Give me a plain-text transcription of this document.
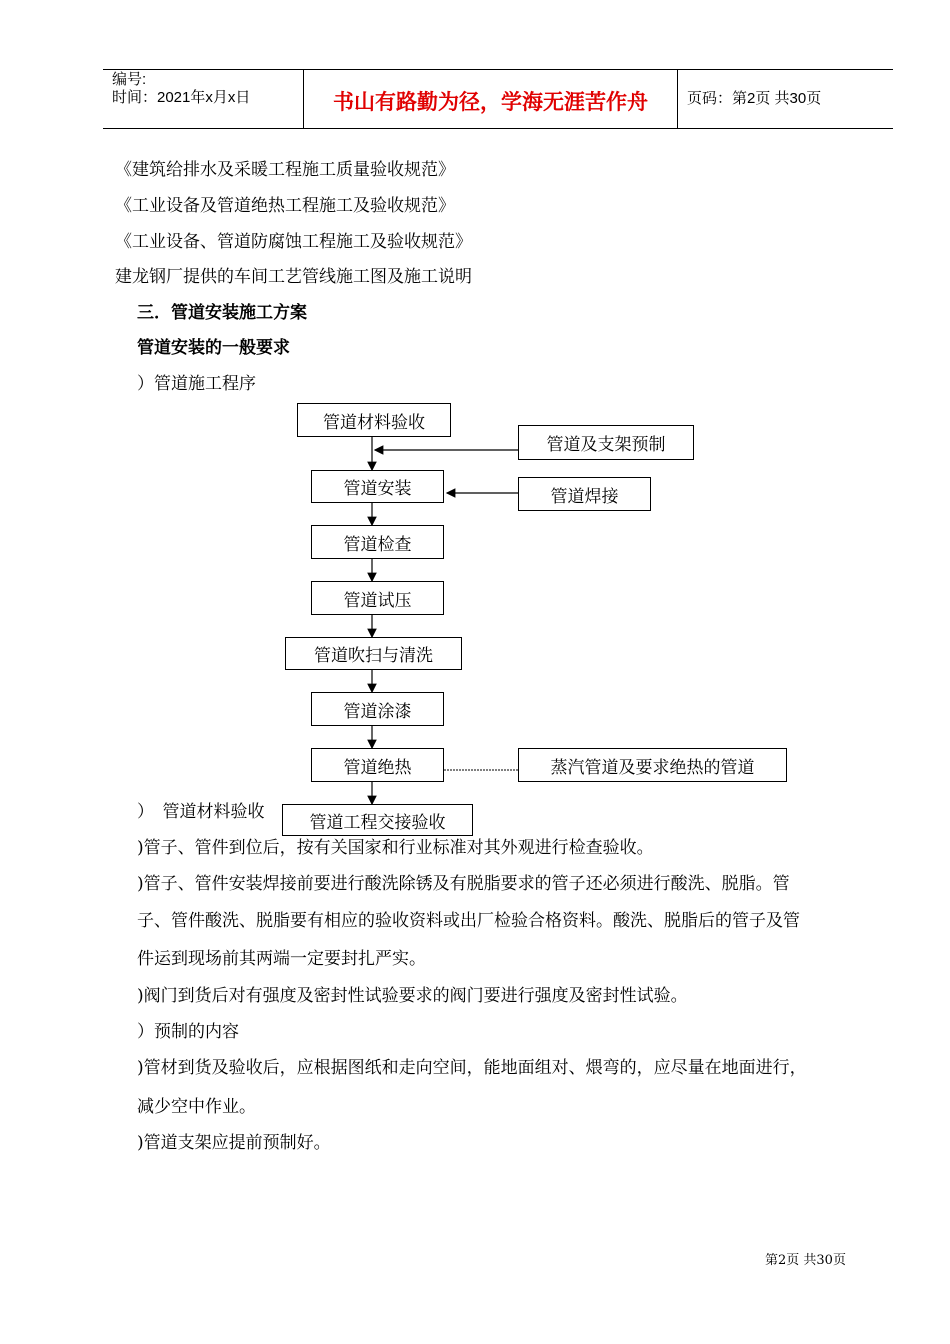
编号:
时间：2021年x月x日	书山有路勤为径，学海无涯苦作舟	页码：第2页 共30页
《建筑给排水及采暖工程施工质量验收规范》
《工业设备及管道绝热工程施工及验收规范》
《工业设备、管道防腐蚀工程施工及验收规范》
建龙钢厂提供的车间工艺管线施工图及施工说明
三．管道安装施工方案
管道安装的一般要求
）管道施工程序
管道材料验收
管道及支架预制
管道安装	管道焊接
管道检查
管道试压
管道吹扫与清洗
管道涂漆
管道绝热	蒸汽管道及要求绝热的管道
）　管道材料验收
管道工程交接验收
)管子、管件到位后，按有关国家和行业标准对其外观进行检查验收。
)管子、管件安装焊接前要进行酸洗除锈及有脱脂要求的管子还必须进行酸洗、脱脂。管
子、管件酸洗、脱脂要有相应的验收资料或出厂检验合格资料。酸洗、脱脂后的管子及管
件运到现场前其两端一定要封扎严实。
)阀门到货后对有强度及密封性试验要求的阀门要进行强度及密封性试验。
）预制的内容
)管材到货及验收后，应根据图纸和走向空间，能地面组对、煨弯的，应尽量在地面进行，
减少空中作业。
)管道支架应提前预制好。
第2页 共30页
